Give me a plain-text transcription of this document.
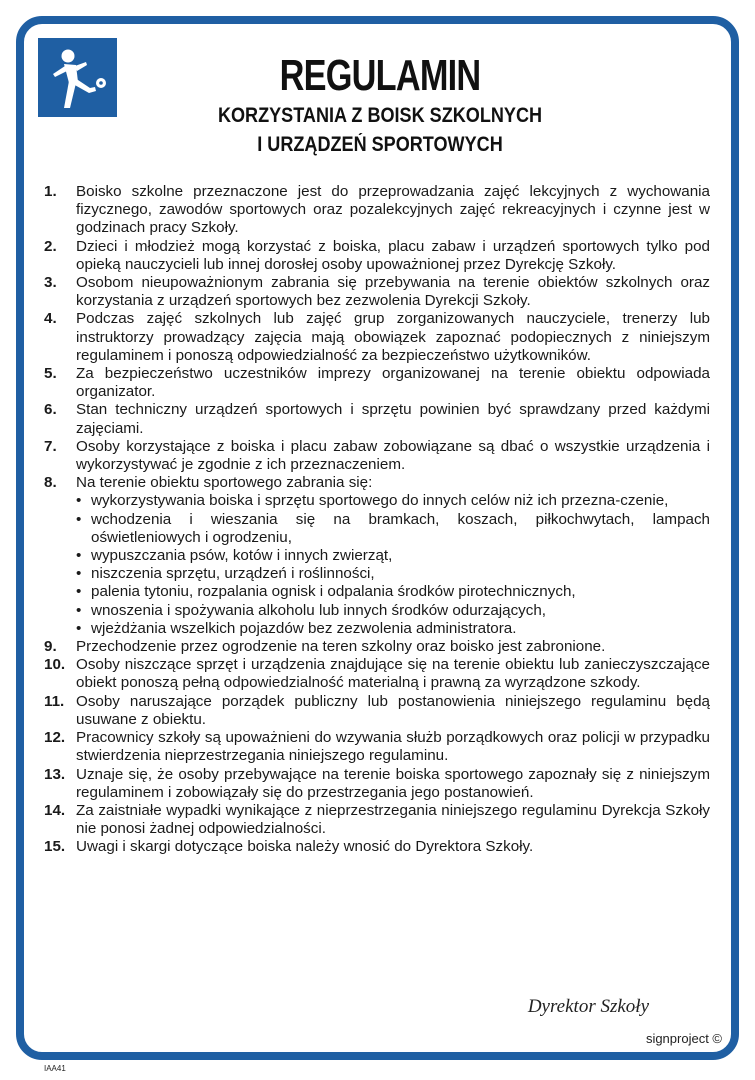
REGULAMIN
KORZYSTANIA Z BOISK SZKOLNYCH
I URZĄDZEŃ SPORTOWYCH
1.	Boisko szkolne przeznaczone jest do przeprowadzania zajęć lekcyjnych z wychowania fizycznego, zawodów sportowych oraz pozalekcyjnych zajęć rekreacyjnych i czynne jest w godzinach pracy Szkoły.
2.	Dzieci i młodzież mogą korzystać z boiska, placu zabaw i urządzeń sportowych tylko pod opieką nauczycieli lub innej dorosłej osoby upoważnionej przez Dyrekcję Szkoły.
3.	Osobom nieupoważnionym zabrania się przebywania na terenie obiektów szkolnych oraz korzystania z urządzeń sportowych bez zezwolenia Dyrekcji Szkoły.
4.	Podczas zajęć szkolnych lub zajęć grup zorganizowanych nauczyciele, trenerzy lub instruktorzy prowadzący zajęcia mają obowiązek zapoznać podopiecznych z niniejszym regulaminem i ponoszą odpowiedzialność za bezpieczeństwo użytkowników.
5.	Za bezpieczeństwo uczestników imprezy organizowanej na terenie obiektu odpowiada organizator.
6.	Stan techniczny urządzeń sportowych i sprzętu powinien być sprawdzany przed każdymi zajęciami.
7.	Osoby korzystające z boiska i placu zabaw zobowiązane są dbać o wszystkie urządzenia i wykorzystywać je zgodnie z ich przeznaczeniem.
8.	Na terenie obiektu sportowego zabrania się:
• wykorzystywania boiska i sprzętu sportowego do innych celów niż ich przezna-czenie,
• wchodzenia i wieszania się na bramkach, koszach, piłkochwytach, lampach oświetleniowych i ogrodzeniu,
• wypuszczania psów, kotów i innych zwierząt,
• niszczenia sprzętu, urządzeń i roślinności,
• palenia tytoniu, rozpalania ognisk i odpalania środków pirotechnicznych,
• wnoszenia i spożywania alkoholu lub innych środków odurzających,
• wjeżdżania wszelkich pojazdów bez zezwolenia administratora.
9.	Przechodzenie przez ogrodzenie na teren szkolny oraz boisko jest zabronione.
10. Osoby niszczące sprzęt i urządzenia znajdujące się na terenie obiektu lub zanieczyszczające obiekt ponoszą pełną odpowiedzialność materialną i prawną za wyrządzone szkody.
11. Osoby naruszające porządek publiczny lub postanowienia niniejszego regulaminu będą usuwane z obiektu.
12. Pracownicy szkoły są upoważnieni do wzywania służb porządkowych oraz policji w przypadku stwierdzenia nieprzestrzegania niniejszego regulaminu.
13. Uznaje się, że osoby przebywające na terenie boiska sportowego zapoznały się z niniejszym regulaminem i zobowiązały się do przestrzegania jego postanowień.
14. Za zaistniałe wypadki wynikające z nieprzestrzegania niniejszego regulaminu Dyrekcja Szkoły nie ponosi żadnej odpowiedzialności.
15. Uwagi i skargi dotyczące boiska należy wnosić do Dyrektora Szkoły.
Dyrektor Szkoły
signproject ©
IAA41
